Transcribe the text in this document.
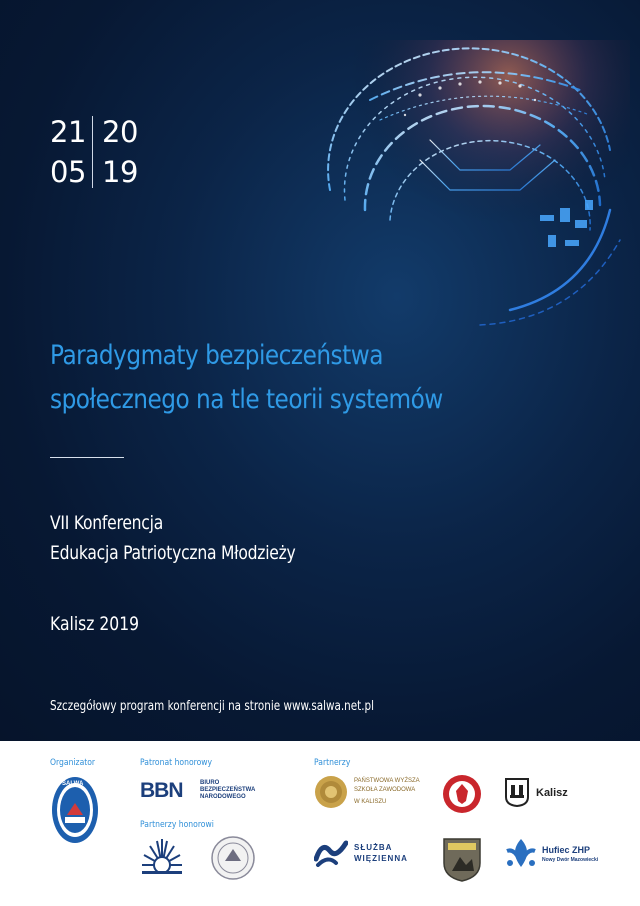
21
05
20
19
Paradygmaty bezpieczeństwa
społecznego na tle teorii systemów
VII Konferencja
Edukacja Patriotyczna Młodzieży
Kalisz 2019
Szczegółowy program konferencji na stronie www.salwa.net.pl
Organizator	Patronat honorowy
Partnerzy honorowi
Partnerzy
SALWA	BBN	BIURO
BEZPIECZEŃSTWA
NARODOWEGO
PAŃSTWOWA WYŻSZA
SZKOŁA ZAWODOWA
W KALISZU
Kalisz
SŁUŻBA
WIĘZIENNA
Hufiec ZHP
Nowy Dwór Mazowiecki
